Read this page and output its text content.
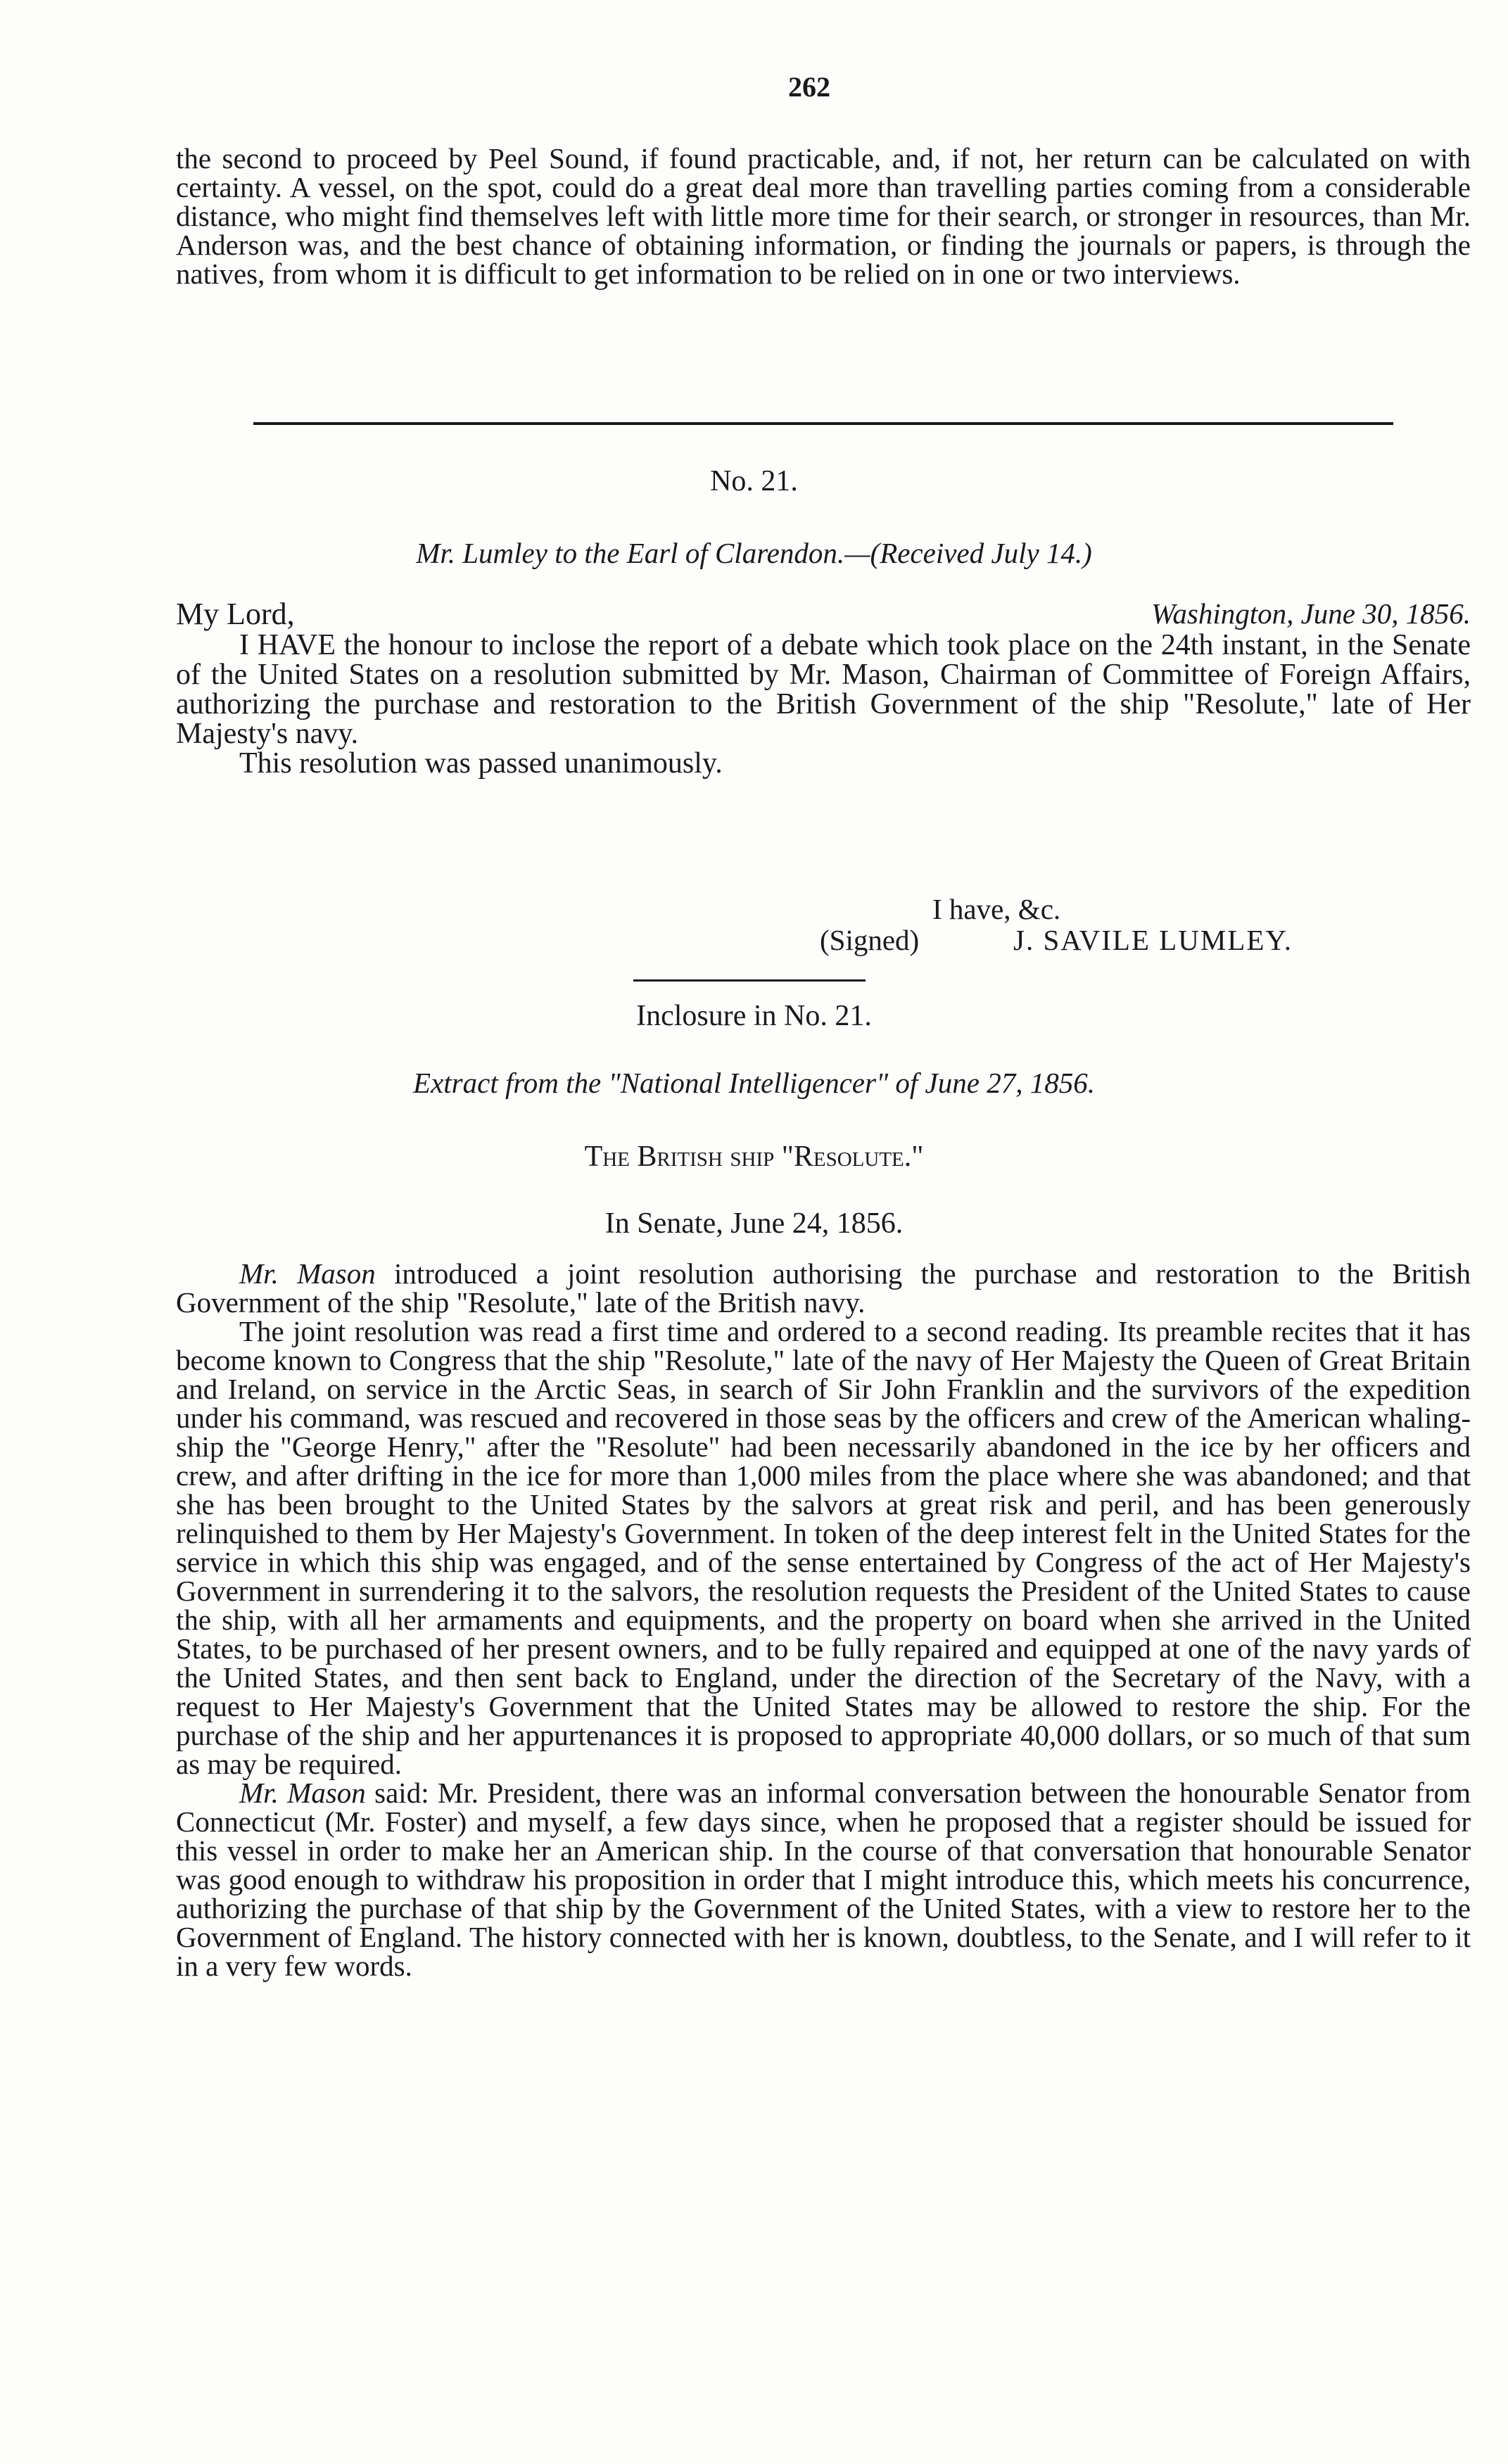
262

the second to proceed by Peel Sound, if found practicable, and, if not, her return can be calculated on with certainty. A vessel, on the spot, could do a great deal more than travelling parties coming from a considerable distance, who might find themselves left with little more time for their search, or stronger in resources, than Mr. Anderson was, and the best chance of obtaining information, or finding the journals or papers, is through the natives, from whom it is difficult to get information to be relied on in one or two interviews.

No. 21.
Mr. Lumley to the Earl of Clarendon.—(Received July 14.)
My Lord,	Washington, June 30, 1856.

I HAVE the honour to inclose the report of a debate which took place on the 24th instant, in the Senate of the United States on a resolution submitted by Mr. Mason, Chairman of Committee of Foreign Affairs, authorizing the purchase and restoration to the British Government of the ship "Resolute," late of Her Majesty's navy.

This resolution was passed unanimously.

I have, &c.
(Signed)	J. SAVILE LUMLEY.
Inclosure in No. 21.
Extract from the "National Intelligencer" of June 27, 1856.
The British ship "Resolute."
In Senate, June 24, 1856.

Mr. Mason introduced a joint resolution authorising the purchase and restoration to the British Government of the ship "Resolute," late of the British navy.

The joint resolution was read a first time and ordered to a second reading. Its preamble recites that it has become known to Congress that the ship "Resolute," late of the navy of Her Majesty the Queen of Great Britain and Ireland, on service in the Arctic Seas, in search of Sir John Franklin and the survivors of the expedition under his command, was rescued and recovered in those seas by the officers and crew of the American whaling-ship the "George Henry," after the "Resolute" had been necessarily abandoned in the ice by her officers and crew, and after drifting in the ice for more than 1,000 miles from the place where she was abandoned; and that she has been brought to the United States by the salvors at great risk and peril, and has been generously relinquished to them by Her Majesty's Government. In token of the deep interest felt in the United States for the service in which this ship was engaged, and of the sense entertained by Congress of the act of Her Majesty's Government in surrendering it to the salvors, the resolution requests the President of the United States to cause the ship, with all her armaments and equipments, and the property on board when she arrived in the United States, to be purchased of her present owners, and to be fully repaired and equipped at one of the navy yards of the United States, and then sent back to England, under the direction of the Secretary of the Navy, with a request to Her Majesty's Government that the United States may be allowed to restore the ship. For the purchase of the ship and her appurtenances it is proposed to appropriate 40,000 dollars, or so much of that sum as may be required.

Mr. Mason said: Mr. President, there was an informal conversation between the honourable Senator from Connecticut (Mr. Foster) and myself, a few days since, when he proposed that a register should be issued for this vessel in order to make her an American ship. In the course of that conversation that honourable Senator was good enough to withdraw his proposition in order that I might introduce this, which meets his concurrence, authorizing the purchase of that ship by the Government of the United States, with a view to restore her to the Government of England. The history connected with her is known, doubtless, to the Senate, and I will refer to it in a very few words.
